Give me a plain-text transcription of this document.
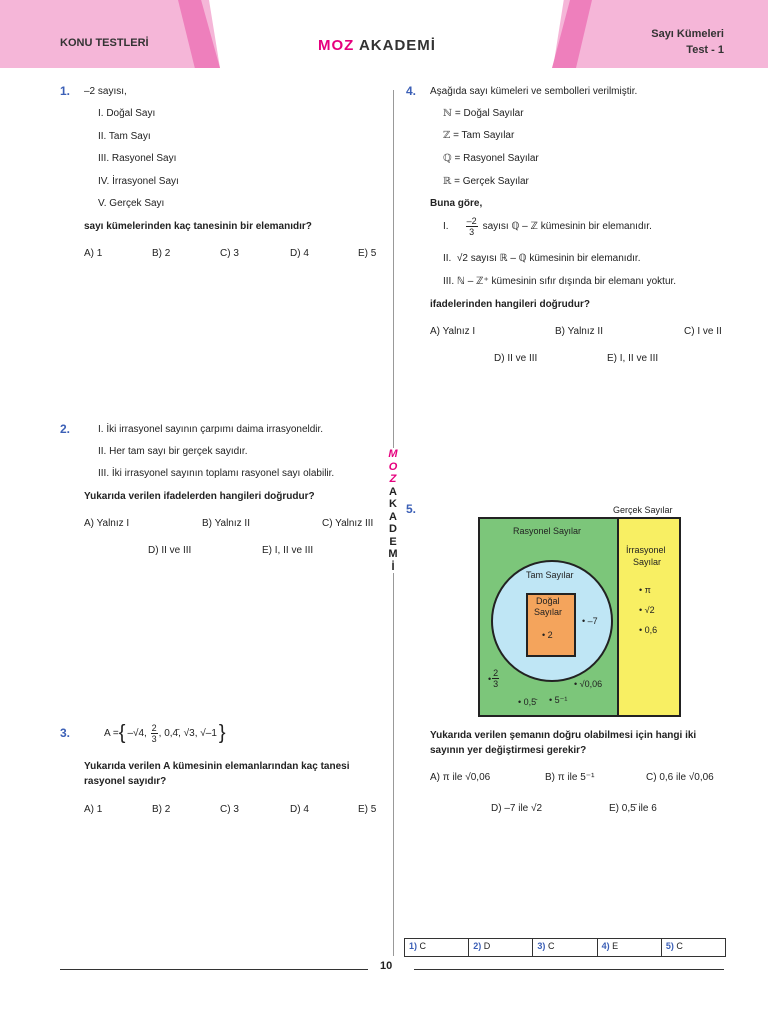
KONU TESTLERİ	MOZ AKADEMİ
Sayı Kümeleri
Test - 1
M
O
Z
A
K
A
D
E
M
İ
1. –2 sayısı,
I. Doğal Sayı
II. Tam Sayı
III. Rasyonel Sayı
IV. İrrasyonel Sayı
V. Gerçek Sayı
sayı kümelerinden kaç tanesinin bir elemanıdır?
A) 1	B) 2	C) 3	D) 4	E) 5
2.	I. İki irrasyonel sayının çarpımı daima irrasyoneldir.
II. Her tam sayı bir gerçek sayıdır.
III. İki irrasyonel sayının toplamı rasyonel sayı olabilir.
Yukarıda verilen ifadelerden hangileri doğrudur?
A) Yalnız I	B) Yalnız II	C) Yalnız III
D) II ve III	E) I, II ve III
3.	A = { –√4,
$\frac{2}{3}$ , 0,4̄,
√3,
√–1 }
Yukarıda verilen A kümesinin elemanlarından kaç tanesi
rasyonel sayıdır?
A) 1	B) 2	C) 3	D) 4	E) 5
4. Aşağıda sayı kümeleri ve sembolleri verilmiştir.
ℕ = Doğal Sayılar
ℤ = Tam Sayılar
ℚ = Rasyonel Sayılar
ℝ = Gerçek Sayılar
Buna göre,
I. $\frac{-2}{3}$ sayısı ℚ – ℤ kümesinin bir elemanıdır.
II. √2 sayısı ℝ – ℚ kümesinin bir elemanıdır.
III. ℕ – ℤ⁺ kümesinin sıfır dışında bir elemanı yoktur.
ifadelerinden hangileri doğrudur?
A) Yalnız I	B) Yalnız II	C) I ve II
D) II ve III	E) I, II ve III
5.	Gerçek Sayılar
Rasyonel Sayılar
İrrasyonel
Sayılar
Tam Sayılar
Doğal
Sayılar
• 2
• –7
• π
• √2
• 0,6
• $\frac{2}{3}$	• √0,06
• 0,5̄ • 5⁻¹
Yukarıda verilen şemanın doğru olabilmesi için hangi iki
sayının yer değiştirmesi gerekir?
A) π ile √0,06	B) π ile 5⁻¹	C) 0,6 ile √0,06
D) –7 ile √2	E) 0,5̄ ile 6
1) C	2) D	3) C	4) E	5) C
10
